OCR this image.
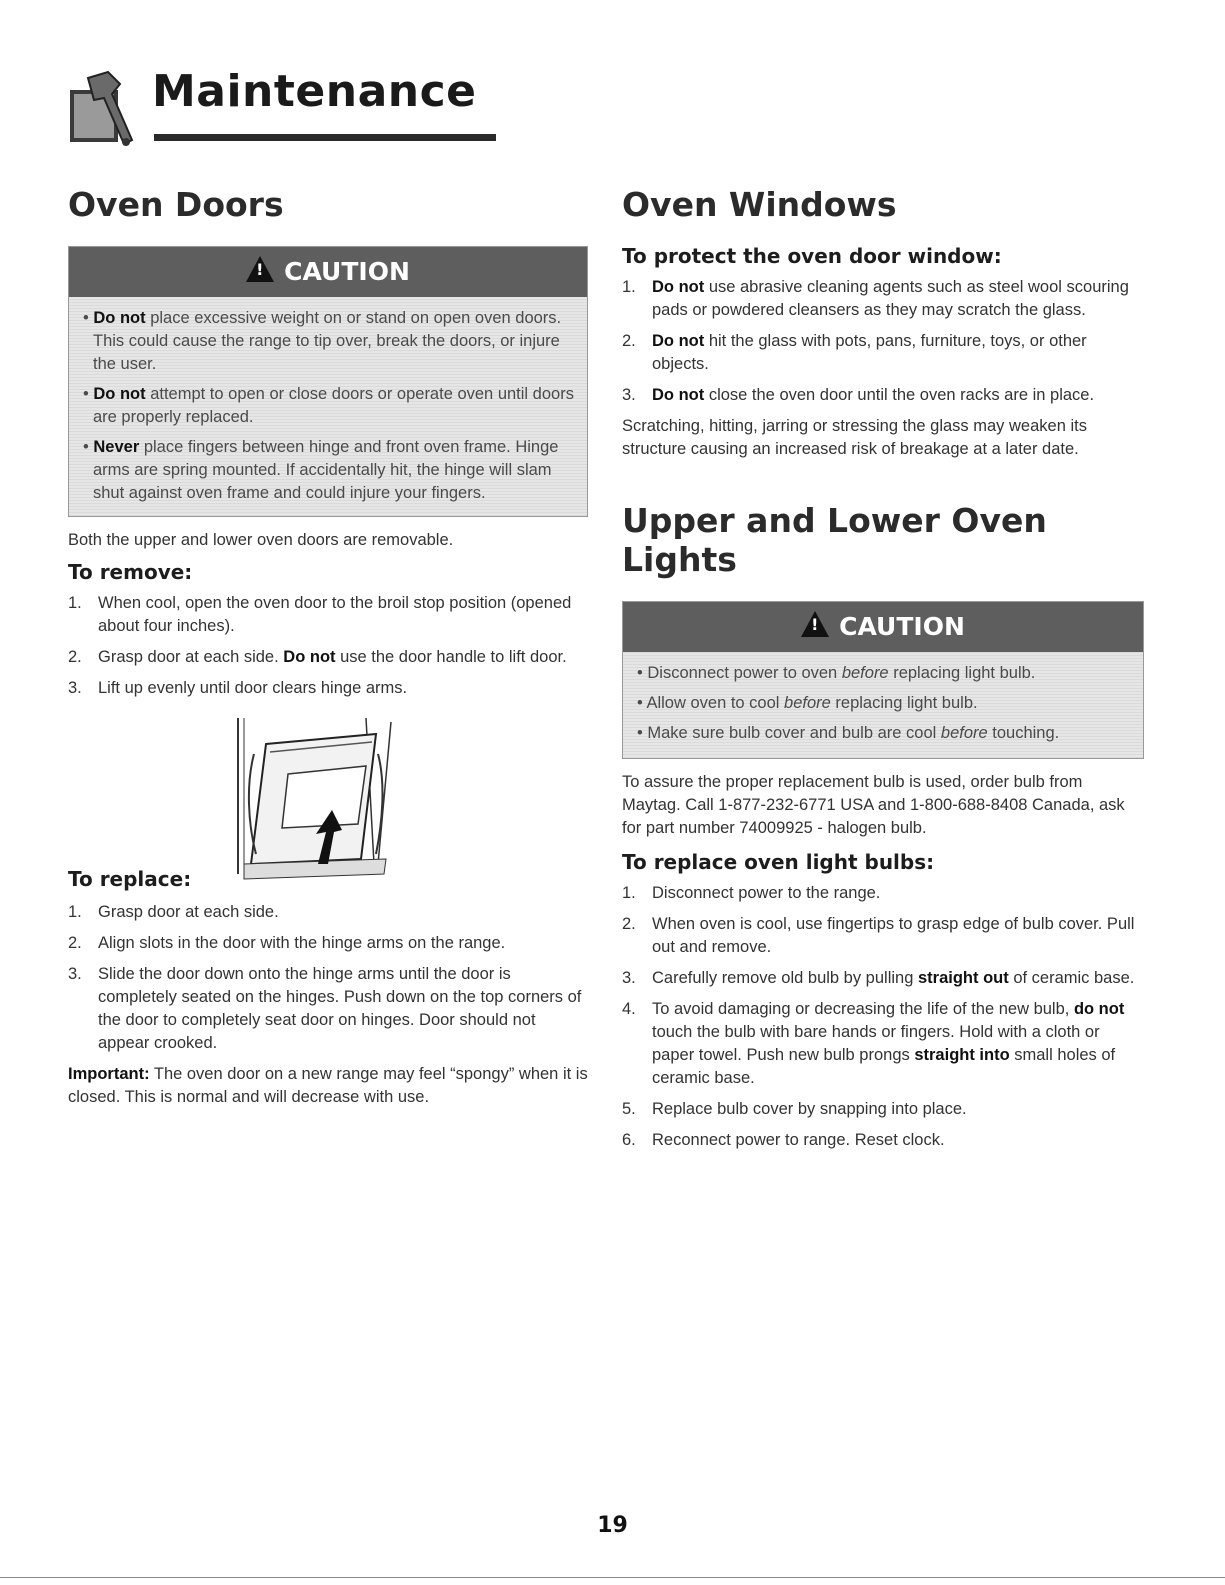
Maintenance
Oven Doors
! CAUTION
• Do not place excessive weight on or stand on open oven doors. This could cause the range to tip over, break the doors, or injure the user.
• Do not attempt to open or close doors or operate oven until doors are properly replaced.
• Never place fingers between hinge and front oven frame. Hinge arms are spring mounted. If accidentally hit, the hinge will slam shut against oven frame and could injure your fingers.

Both the upper and lower oven doors are removable.

To remove:
1. When cool, open the oven door to the broil stop position (opened about four inches).
2. Grasp door at each side. Do not use the door handle to lift door.
3. Lift up evenly until door clears hinge arms.
To replace:
1. Grasp door at each side.
2. Align slots in the door with the hinge arms on the range.
3. Slide the door down onto the hinge arms until the door is completely seated on the hinges. Push down on the top corners of the door to completely seat door on hinges. Door should not appear crooked.

Important: The oven door on a new range may feel “spongy” when it is closed. This is normal and will decrease with use.

Oven Windows
To protect the oven door window:
1. Do not use abrasive cleaning agents such as steel wool scouring pads or powdered cleansers as they may scratch the glass.
2. Do not hit the glass with pots, pans, furniture, toys, or other objects.
3. Do not close the oven door until the oven racks are in place.

Scratching, hitting, jarring or stressing the glass may weaken its structure causing an increased risk of breakage at a later date.

Upper and Lower Oven Lights
! CAUTION
• Disconnect power to oven before replacing light bulb.
• Allow oven to cool before replacing light bulb.
• Make sure bulb cover and bulb are cool before touching.

To assure the proper replacement bulb is used, order bulb from Maytag. Call 1-877-232-6771 USA and 1-800-688-8408 Canada, ask for part number 74009925 - halogen bulb.

To replace oven light bulbs:
1. Disconnect power to the range.
2. When oven is cool, use fingertips to grasp edge of bulb cover. Pull out and remove.
3. Carefully remove old bulb by pulling straight out of ceramic base.
4. To avoid damaging or decreasing the life of the new bulb, do not touch the bulb with bare hands or fingers. Hold with a cloth or paper towel. Push new bulb prongs straight into small holes of ceramic base.
5. Replace bulb cover by snapping into place.
6. Reconnect power to range. Reset clock.
19
